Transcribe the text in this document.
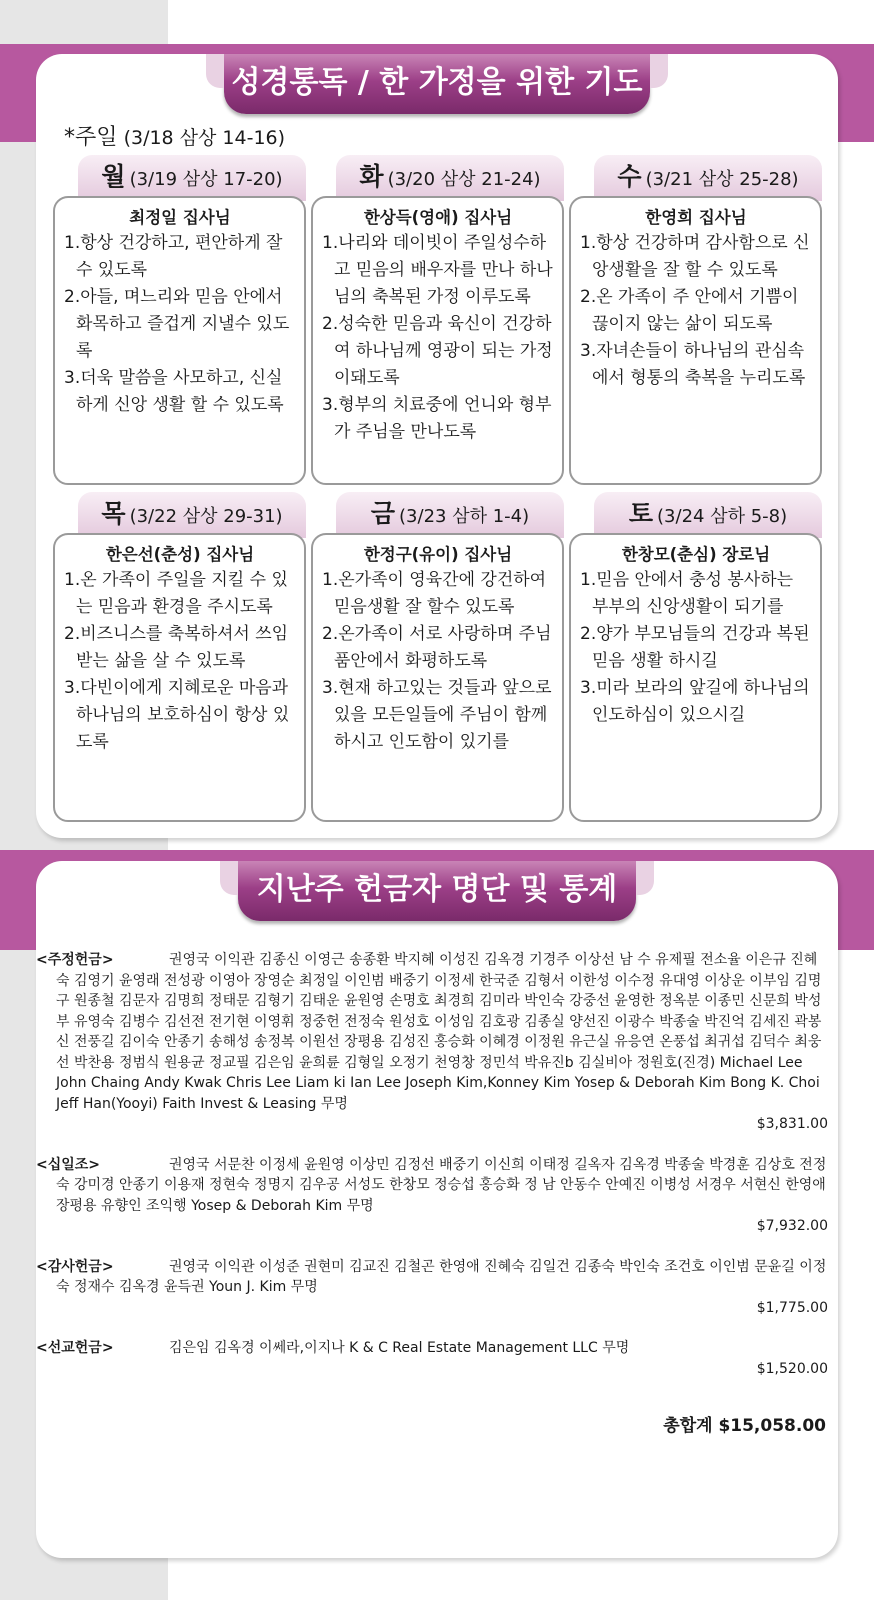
성경통독 / 한 가정을 위한 기도
*주일 (3/18 삼상 14-16)
월 (3/19 삼상 17-20)
최정일 집사님
1.항상 건강하고, 편안하게 잘 수 있도록
2.아들, 며느리와 믿음 안에서 화목하고 즐겁게 지낼수 있도록
3.더욱 말씀을 사모하고, 신실하게 신앙 생활 할 수 있도록
화 (3/20 삼상 21-24)
한상득(영애) 집사님
1.나리와 데이빗이 주일성수하고 믿음의 배우자를 만나 하나님의 축복된 가정 이루도록
2.성숙한 믿음과 육신이 건강하여 하나님께 영광이 되는 가정 이돼도록
3.형부의 치료중에 언니와 형부가 주님을 만나도록
수 (3/21 삼상 25-28)
한영희 집사님
1.항상 건강하며 감사함으로 신앙생활을 잘 할 수 있도록
2.온 가족이 주 안에서 기쁨이 끊이지 않는 삶이 되도록
3.자녀손들이 하나님의 관심속에서 형통의 축복을 누리도록
목 (3/22 삼상 29-31)
한은선(춘성) 집사님
1.온 가족이 주일을 지킬 수 있는 믿음과 환경을 주시도록
2.비즈니스를 축복하셔서 쓰임 받는 삶을 살 수 있도록
3.다빈이에게 지혜로운 마음과 하나님의 보호하심이 항상 있도록
금 (3/23 삼하 1-4)
한정구(유이) 집사님
1.온가족이 영육간에 강건하여 믿음생활 잘 할수 있도록
2.온가족이 서로 사랑하며 주님 품안에서 화평하도록
3.현재 하고있는 것들과 앞으로 있을 모든일들에 주님이 함께하시고 인도함이 있기를
토 (3/24 삼하 5-8)
한창모(춘심) 장로님
1.믿음 안에서 충성 봉사하는 부부의 신앙생활이 되기를
2.양가 부모님들의 건강과 복된 믿음 생활 하시길
3.미라 보라의 앞길에 하나님의 인도하심이 있으시길
지난주 헌금자 명단 및 통계
<주정헌금>	권영국 이익관 김종신 이영근 송종환 박지혜 이성진 김옥경 기경주 이상선 남 수 유제필 전소율 이은규 진혜숙 김영기 윤영래 전성광 이영아 장영순 최정일 이인범 배중기 이정세 한국준 김형서 이한성 이수정 유대영 이상운 이부임 김명구 원종철 김문자 김명희 정태문 김형기 김태운 윤원영 손명호 최경희 김미라 박인숙 강중선 윤영한 정옥분 이종민 신문희 박성부 유영숙 김병수 김선전 전기현 이영휘 정중헌 전정숙 원성호 이성임 김호광 김종실 양선진 이광수 박종술 박진억 김세진 곽봉신 전풍길 김이숙 안종기 송해성 송정복 이원선 장평용 김성진 홍승화 이혜경 이정원 유근실 유응연 온풍섭 최귀섭 김덕수 최웅선 박찬용 정범식 원용균 정교필 김은임 윤희륜 김형일 오정기 천영창 정민석 박유진b 김실비아 정원호(진경) Michael Lee John Chaing Andy Kwak Chris Lee Liam ki Ian Lee Joseph Kim,Konney Kim Yosep & Deborah Kim Bong K. Choi Jeff Han(Yooyi) Faith Invest & Leasing 무명
$3,831.00
<십일조>	권영국 서문찬 이정세 윤원영 이상민 김정선 배중기 이신희 이태정 길옥자 김옥경 박종술 박경훈 김상호 전정숙 강미경 안종기 이용재 정현숙 정명지 김우공 서성도 한창모 정승섭 홍승화 정 남 안동수 안예진 이병성 서경우 서현신 한영애 장평용 유향인 조익행 Yosep & Deborah Kim 무명
$7,932.00
<감사헌금>	권영국 이익관 이성준 권현미 김교진 김철곤 한영애 진혜숙 김일건 김종숙 박인숙 조건호 이인범 문윤길 이정숙 정재수 김옥경 윤득권 Youn J. Kim 무명
$1,775.00
<선교헌금>	김은임 김옥경 이쎄라,이지나 K & C Real Estate Management LLC 무명
$1,520.00
총합계 $15,058.00
